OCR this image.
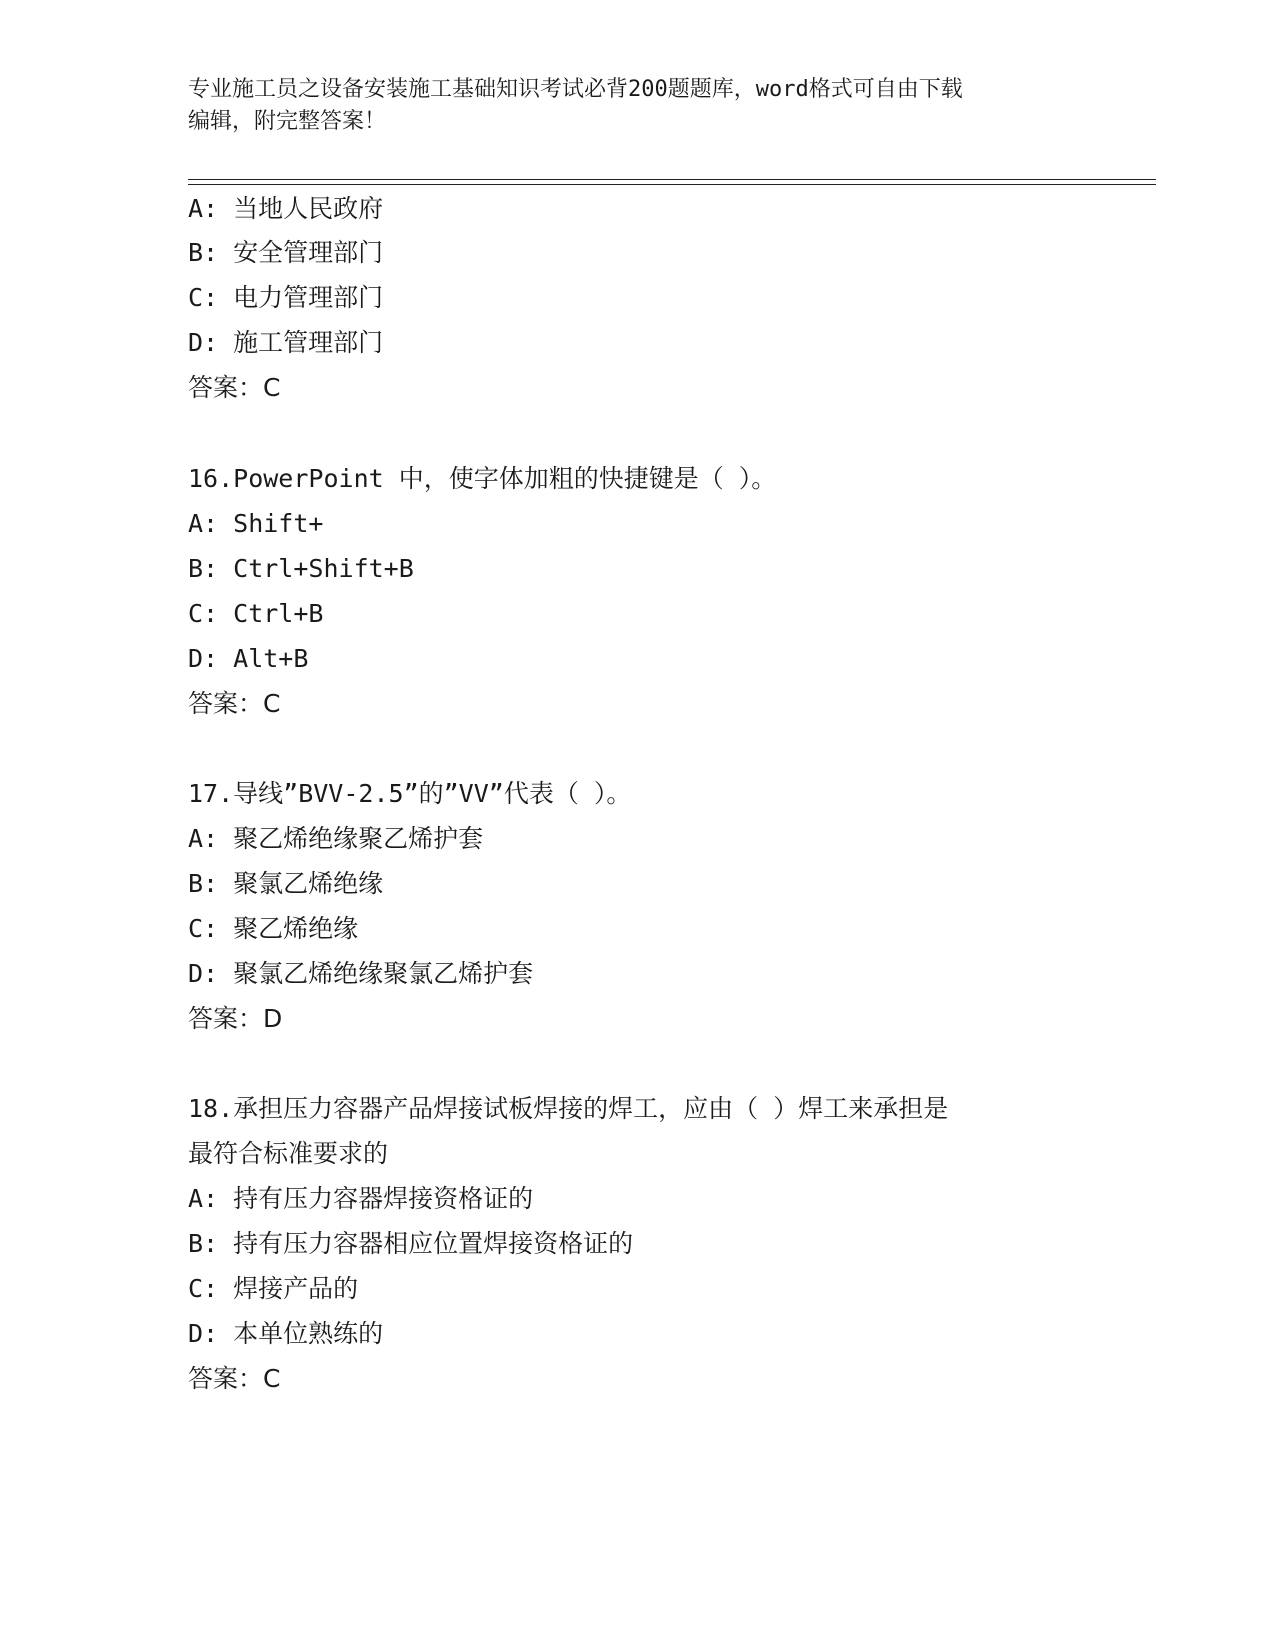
专业施工员之设备安装施工基础知识考试必背200题题库，word格式可自由下载
编辑，附完整答案！
A: 当地人民政府
B: 安全管理部门
C: 电力管理部门
D: 施工管理部门
答案：C
16.PowerPoint 中，使字体加粗的快捷键是（ ）。
A: Shift+
B: Ctrl+Shift+B
C: Ctrl+B
D: Alt+B
答案：C
17.导线”BVV-2.5”的”VV”代表（ ）。
A: 聚乙烯绝缘聚乙烯护套
B: 聚氯乙烯绝缘
C: 聚乙烯绝缘
D: 聚氯乙烯绝缘聚氯乙烯护套
答案：D
18.承担压力容器产品焊接试板焊接的焊工，应由（ ）焊工来承担是
最符合标准要求的
A: 持有压力容器焊接资格证的
B: 持有压力容器相应位置焊接资格证的
C: 焊接产品的
D: 本单位熟练的
答案：C
